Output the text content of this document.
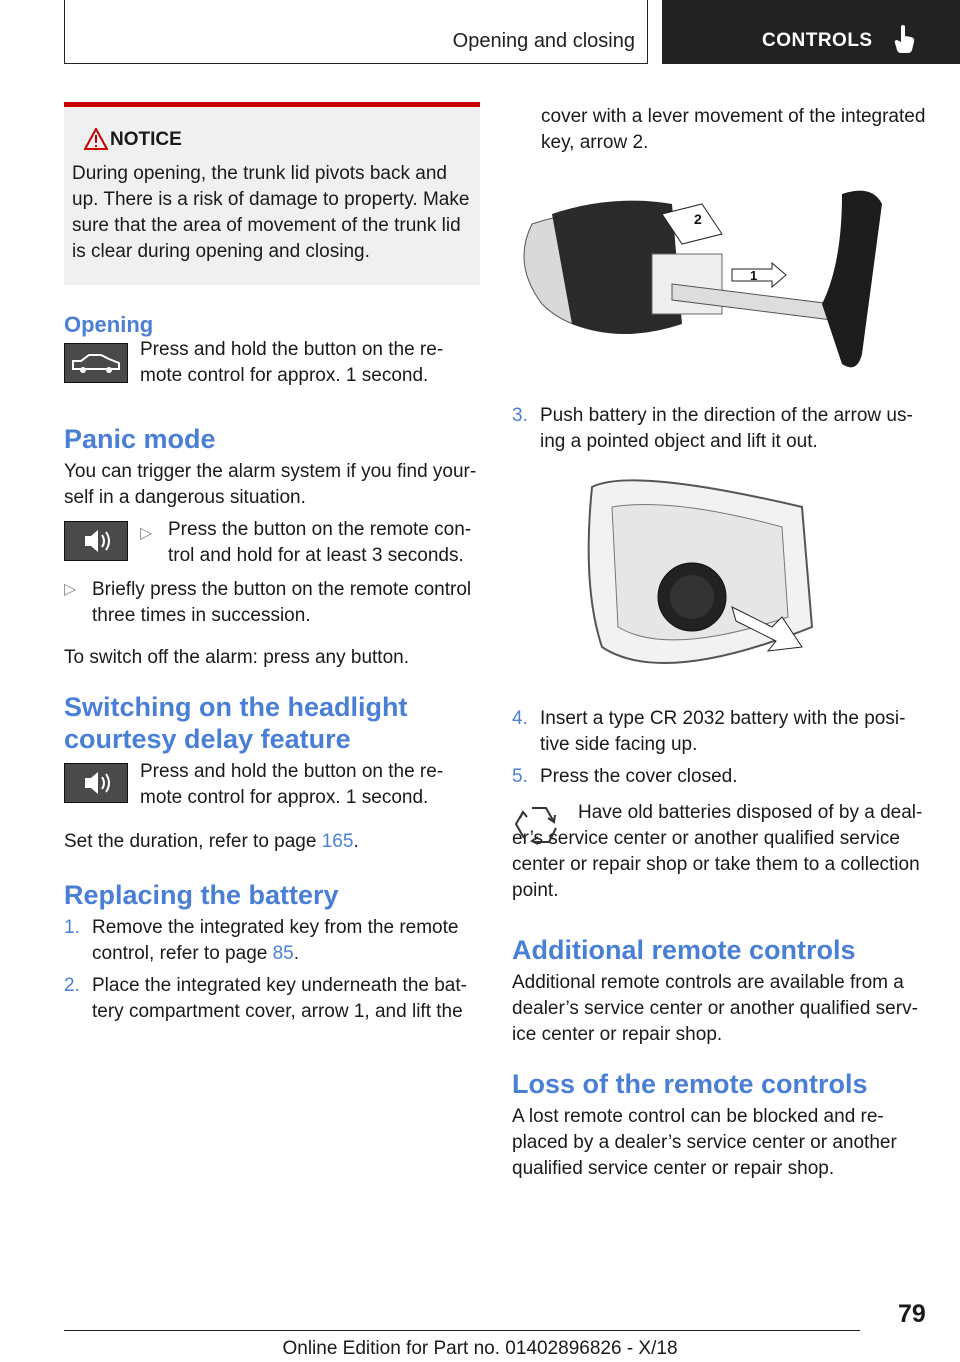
Opening and closing	CONTROLS
NOTICE

During opening, the trunk lid pivots back and up. There is a risk of damage to property. Make sure that the area of movement of the trunk lid is clear during opening and closing.

Opening

Press and hold the button on the re-mote control for approx. 1 second.

Panic mode

You can trigger the alarm system if you find your-self in a dangerous situation.

▷ Press the button on the remote con-trol and hold for at least 3 seconds.

▷ Briefly press the button on the remote control three times in succession.

To switch off the alarm: press any button.

Switching on the headlight courtesy delay feature

Press and hold the button on the re-mote control for approx. 1 second.

Set the duration, refer to page 165.

Replacing the battery
1. Remove the integrated key from the remote control, refer to page 85.

2. Place the integrated key underneath the bat-tery compartment cover, arrow 1, and lift the

cover with a lever movement of the integrated key, arrow 2.

2
1
3. Push battery in the direction of the arrow us-ing a pointed object and lift it out.

4. Insert a type CR 2032 battery with the posi-tive side facing up.

5. Press the cover closed.

Have old batteries disposed of by a deal-er’s service center or another qualified service center or repair shop or take them to a collection point.

Additional remote controls

Additional remote controls are available from a dealer’s service center or another qualified serv-ice center or repair shop.

Loss of the remote controls

A lost remote control can be blocked and re-placed by a dealer’s service center or another qualified service center or repair shop.

79
Online Edition for Part no. 01402896826 - X/18
